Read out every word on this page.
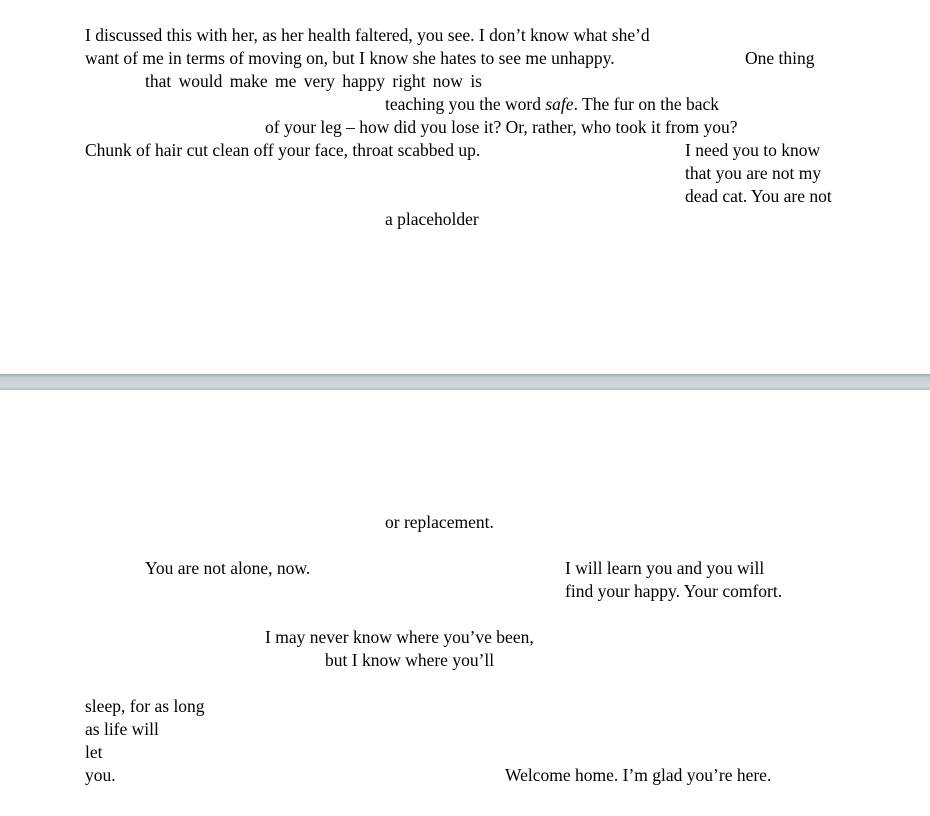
I discussed this with her, as her health faltered, you see. I don’t know what she’d
want of me in terms of moving on, but I know she hates to see me unhappy.	One thing
that would make me very happy right now is
teaching you the word safe. The fur on the back
of your leg – how did you lose it? Or, rather, who took it from you?
Chunk of hair cut clean off your face, throat scabbed up.	I need you to know
that you are not my
dead cat. You are not
a placeholder
or replacement.
You are not alone, now.	I will learn you and you will
find your happy. Your comfort.
I may never know where you’ve been,
but I know where you’ll
sleep, for as long
as life will
let
you.	Welcome home. I’m glad you’re here.
